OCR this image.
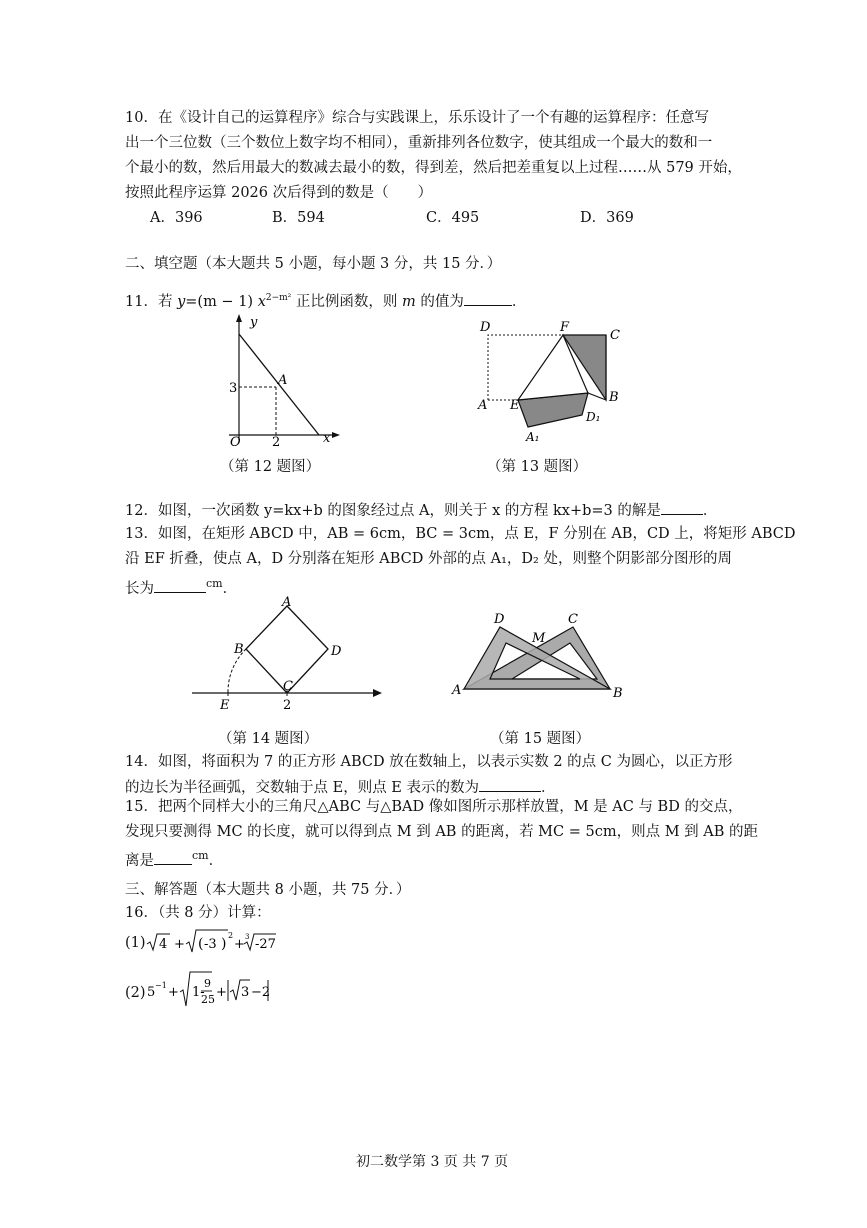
10．在《设计自己的运算程序》综合与实践课上，乐乐设计了一个有趣的运算程序：任意写
出一个三位数（三个数位上数字均不相同），重新排列各位数字，使其组成一个最大的数和一
个最小的数，然后用最大的数减去最小的数，得到差，然后把差重复以上过程……从 579 开始，
按照此程序运算 2026 次后得到的数是（　　）
A．396	B．594	C．495	D．369
二、填空题（本大题共 5 小题，每小题 3 分，共 15 分．）
11．若 y=(m − 1) $x^{2-m^2}$ 正比例函数，则 m 的值为	．
y
x
O
3
2
A
（第 12 题图）
D	F
C
A E
B
D₁
A₁
（第 13 题图）
12．如图，一次函数 y=kx+b 的图象经过点 A，则关于 x 的方程 kx+b=3 的解是	．
13．如图，在矩形 ABCD 中，AB = 6cm，BC = 3cm，点 E，F 分别在 AB，CD 上，将矩形 ABCD
沿 EF 折叠，使点 A，D 分别落在矩形 ABCD 外部的点 A₁，D₂ 处，则整个阴影部分图形的周
长为	$^{cm}$．
A
B	D
C
E	2
（第 14 题图）
D
M
C
A	B
（第 15 题图）
14．如图，将面积为 7 的正方形 ABCD 放在数轴上，以表示实数 2 的点 C 为圆心，以正方形
的边长为半径画弧，交数轴于点 E，则点 E 表示的数为	．
15．把两个同样大小的三角尺△ABC 与△BAD 像如图所示那样放置，M 是 AC 与 BD 的交点，
发现只要测得 MC 的长度，就可以得到点 M 到 AB 的距离，若 MC = 5cm，则点 M 到 AB 的距
离是	$^{cm}$．
三、解答题（本大题共 8 小题，共 75 分．）
16．（共 8 分）计算：
(1) 4 + ( -3 )
2
+ 3 -27
(2) 5 −1 + 1-
9
25 + 3 −2
初二数学第 3 页 共 7 页
